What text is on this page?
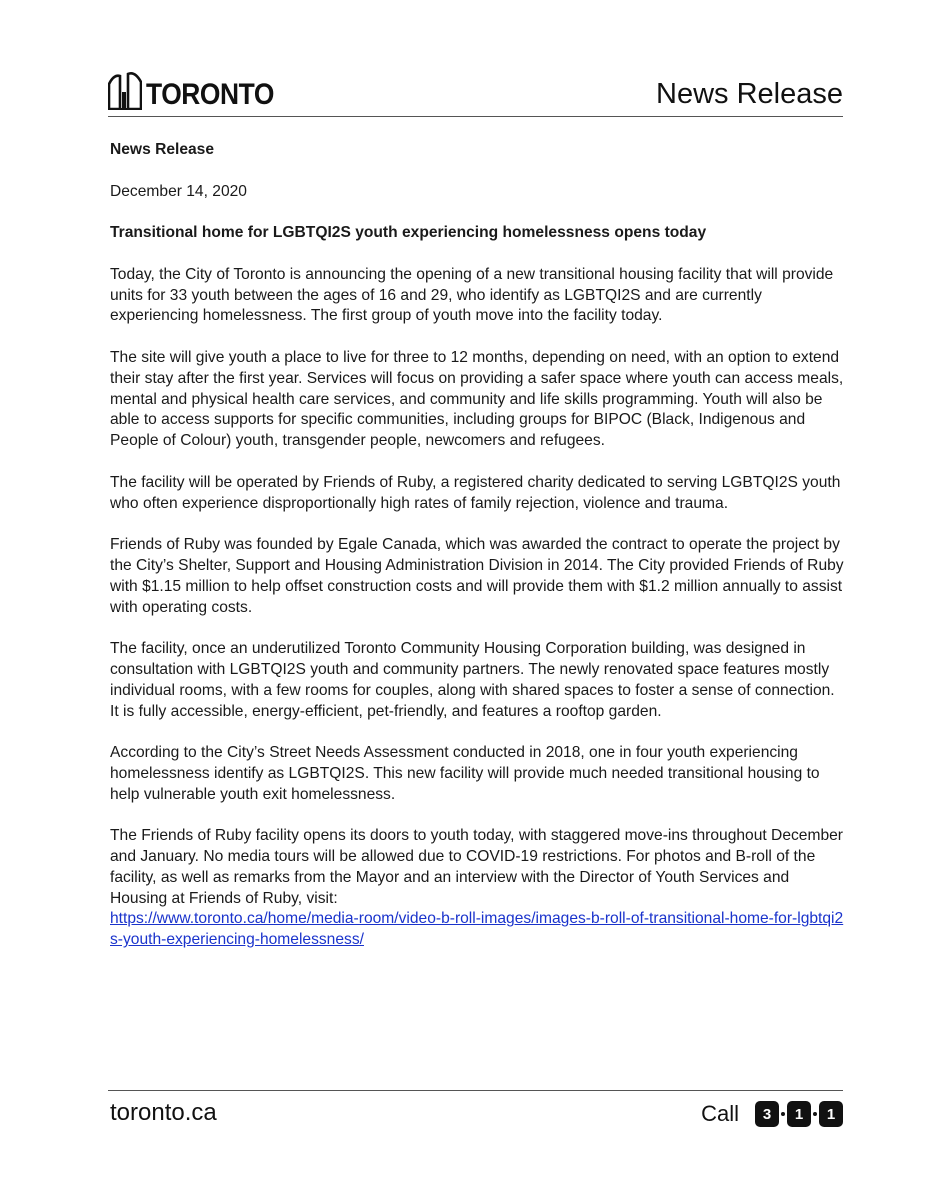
TORONTO	News Release

News Release

December 14, 2020

Transitional home for LGBTQI2S youth experiencing homelessness opens today

Today, the City of Toronto is announcing the opening of a new transitional housing facility that will provide units for 33 youth between the ages of 16 and 29, who identify as LGBTQI2S and are currently experiencing homelessness. The first group of youth move into the facility today.

The site will give youth a place to live for three to 12 months, depending on need, with an option to extend their stay after the first year. Services will focus on providing a safer space where youth can access meals, mental and physical health care services, and community and life skills programming. Youth will also be able to access supports for specific communities, including groups for BIPOC (Black, Indigenous and People of Colour) youth, transgender people, newcomers and refugees.

The facility will be operated by Friends of Ruby, a registered charity dedicated to serving LGBTQI2S youth who often experience disproportionally high rates of family rejection, violence and trauma.

Friends of Ruby was founded by Egale Canada, which was awarded the contract to operate the project by the City’s Shelter, Support and Housing Administration Division in 2014. The City provided Friends of Ruby with $1.15 million to help offset construction costs and will provide them with $1.2 million annually to assist with operating costs.

The facility, once an underutilized Toronto Community Housing Corporation building, was designed in consultation with LGBTQI2S youth and community partners. The newly renovated space features mostly individual rooms, with a few rooms for couples, along with shared spaces to foster a sense of connection. It is fully accessible, energy-efficient, pet-friendly, and features a rooftop garden.

According to the City’s Street Needs Assessment conducted in 2018, one in four youth experiencing homelessness identify as LGBTQI2S. This new facility will provide much needed transitional housing to help vulnerable youth exit homelessness.

The Friends of Ruby facility opens its doors to youth today, with staggered move-ins throughout December and January. No media tours will be allowed due to COVID-19 restrictions. For photos and B-roll of the facility, as well as remarks from the Mayor and an interview with the Director of Youth Services and Housing at Friends of Ruby, visit:

https://www.toronto.ca/home/media-room/video-b-roll-images/images-b-roll-of-transitional-home-for-lgbtqi2s-youth-experiencing-homelessness/
toronto.ca	Call	3	1	1
